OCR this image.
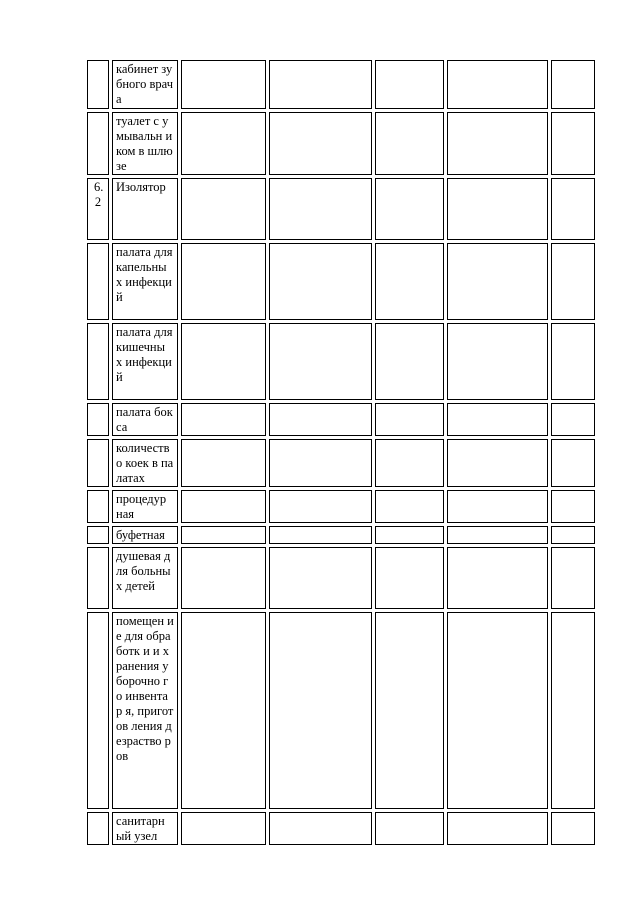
	кабинет зубного врача					

	туалет с умывальн иком в шлюзе					

6.2	Изолятор					

	палата для капельны х инфекций					

	палата для кишечны х инфекций					

	палата бокса					

	количеств о коек в палатах					

	процедур ная					

	буфетная					

	душевая для больных детей					

	помещен ие для обработк и и хранения уборочно го инвентар я, приготов ления дезраство ров					

	санитарн ый узел					
